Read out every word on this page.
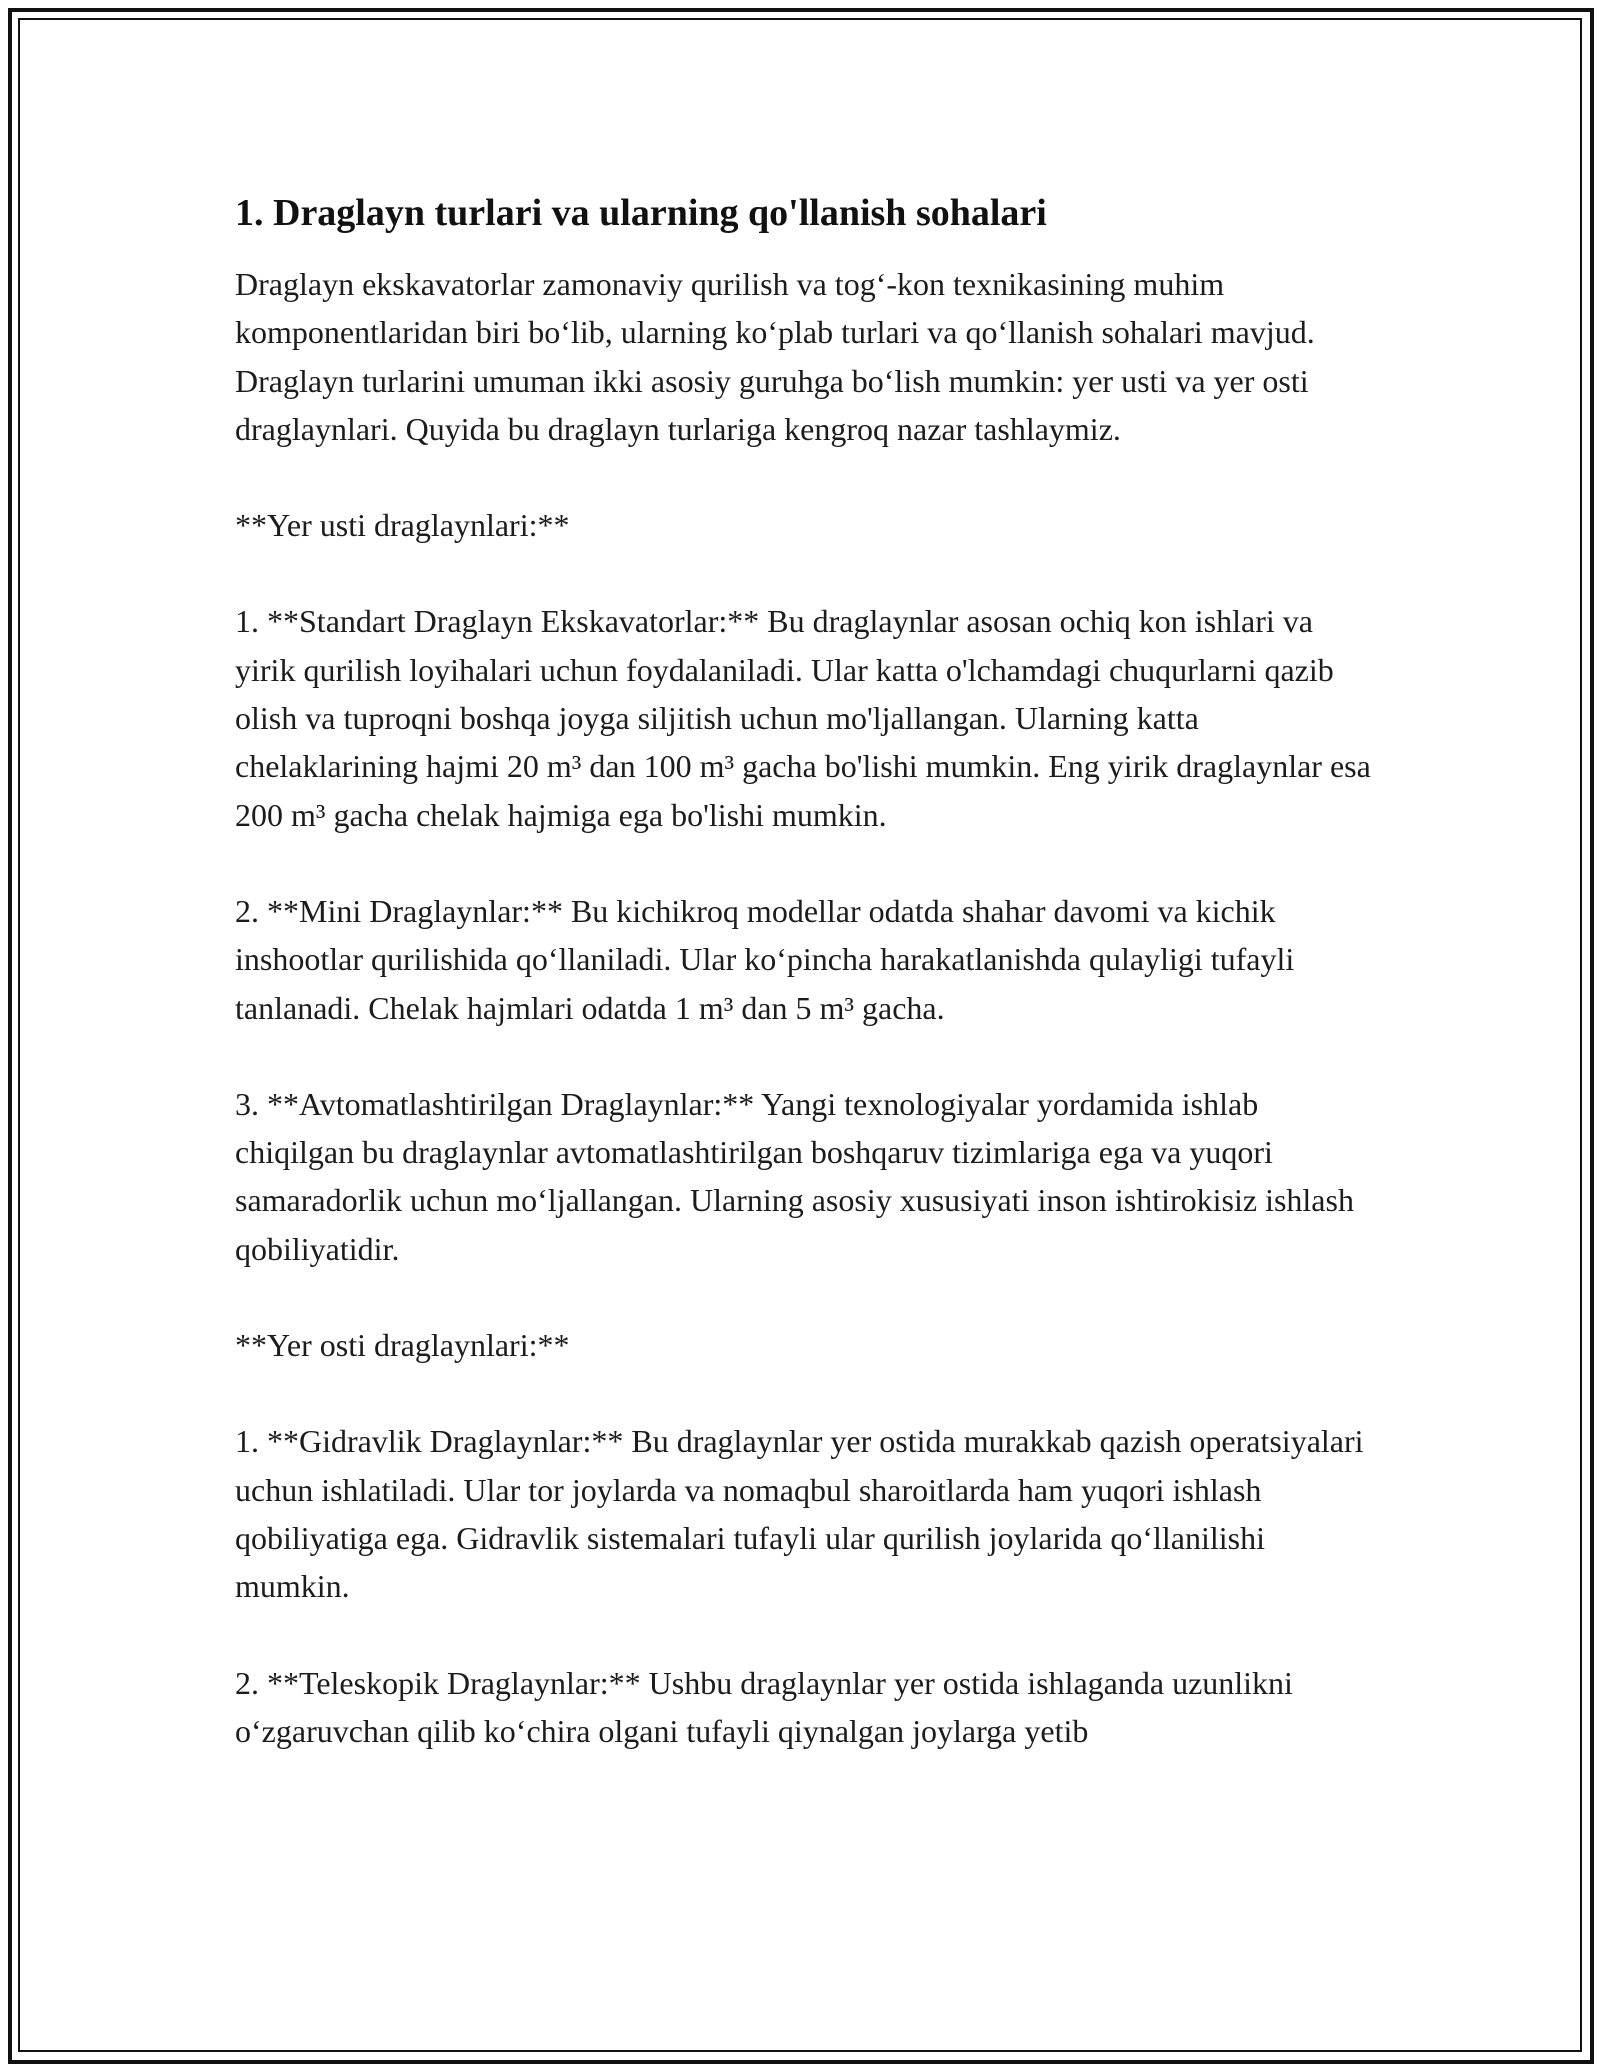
1. Draglayn turlari va ularning qo'llanish sohalari

Draglayn ekskavatorlar zamonaviy qurilish va tog‘-kon texnikasining muhim komponentlaridan biri bo‘lib, ularning ko‘plab turlari va qo‘llanish sohalari mavjud. Draglayn turlarini umuman ikki asosiy guruhga bo‘lish mumkin: yer usti va yer osti draglaynlari. Quyida bu draglayn turlariga kengroq nazar tashlaymiz.

**Yer usti draglaynlari:**

1. **Standart Draglayn Ekskavatorlar:** Bu draglaynlar asosan ochiq kon ishlari va yirik qurilish loyihalari uchun foydalaniladi. Ular katta o'lchamdagi chuqurlarni qazib olish va tuproqni boshqa joyga siljitish uchun mo'ljallangan. Ularning katta chelaklarining hajmi 20 m³ dan 100 m³ gacha bo'lishi mumkin. Eng yirik draglaynlar esa 200 m³ gacha chelak hajmiga ega bo'lishi mumkin.

2. **Mini Draglaynlar:** Bu kichikroq modellar odatda shahar davomi va kichik inshootlar qurilishida qo‘llaniladi. Ular ko‘pincha harakatlanishda qulayligi tufayli tanlanadi. Chelak hajmlari odatda 1 m³ dan 5 m³ gacha.

3. **Avtomatlashtirilgan Draglaynlar:** Yangi texnologiyalar yordamida ishlab chiqilgan bu draglaynlar avtomatlashtirilgan boshqaruv tizimlariga ega va yuqori samaradorlik uchun mo‘ljallangan. Ularning asosiy xususiyati inson ishtirokisiz ishlash qobiliyatidir.

**Yer osti draglaynlari:**

1. **Gidravlik Draglaynlar:** Bu draglaynlar yer ostida murakkab qazish operatsiyalari uchun ishlatiladi. Ular tor joylarda va nomaqbul sharoitlarda ham yuqori ishlash qobiliyatiga ega. Gidravlik sistemalari tufayli ular qurilish joylarida qo‘llanilishi mumkin.

2. **Teleskopik Draglaynlar:** Ushbu draglaynlar yer ostida ishlaganda uzunlikni o‘zgaruvchan qilib ko‘chira olgani tufayli qiynalgan joylarga yetib
